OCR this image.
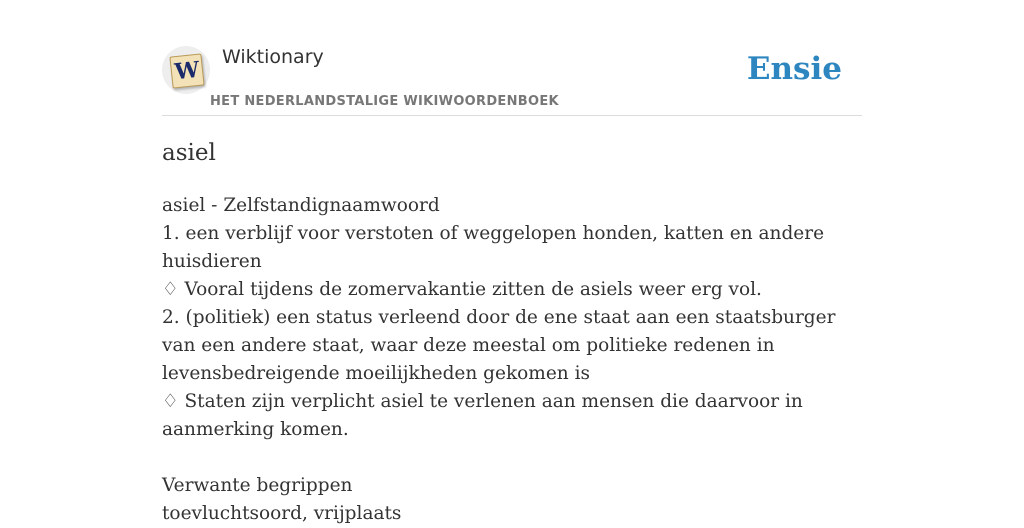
W Wiktionary
HET NEDERLANDSTALIGE WIKIWOORDENBOEK
Ensie
asiel
asiel - Zelfstandignaamwoord
1. een verblijf voor verstoten of weggelopen honden, katten en andere huisdieren
♢ Vooral tijdens de zomervakantie zitten de asiels weer erg vol.
2. (politiek) een status verleend door de ene staat aan een staatsburger van een andere staat, waar deze meestal om politieke redenen in levensbedreigende moeilijkheden gekomen is
♢ Staten zijn verplicht asiel te verlenen aan mensen die daarvoor in aanmerking komen.
Verwante begrippen
toevluchtsoord, vrijplaats
